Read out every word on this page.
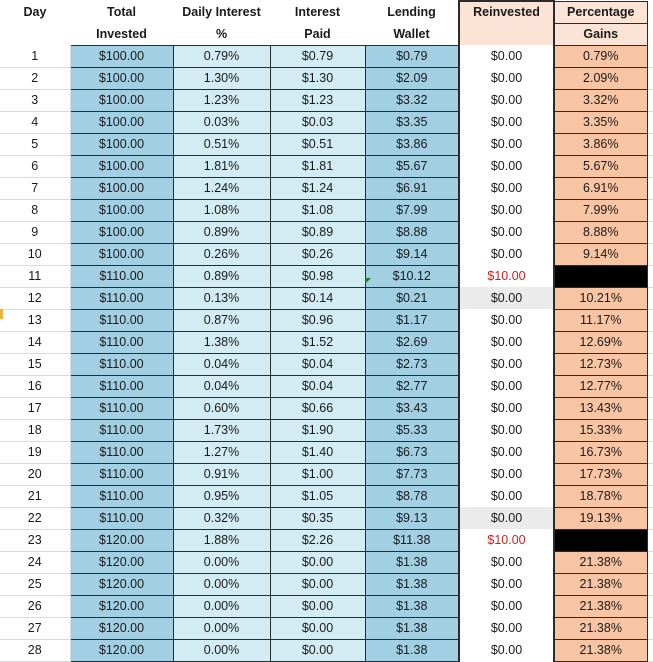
Day	Total	Daily Interest	Interest	Lending	Reinvested	Percentage	
	Invested	%	Paid	Wallet		Gains	
1	$100.00	0.79%	$0.79	$0.79	$0.00	0.79%	
2	$100.00	1.30%	$1.30	$2.09	$0.00	2.09%	
3	$100.00	1.23%	$1.23	$3.32	$0.00	3.32%	
4	$100.00	0.03%	$0.03	$3.35	$0.00	3.35%	
5	$100.00	0.51%	$0.51	$3.86	$0.00	3.86%	
6	$100.00	1.81%	$1.81	$5.67	$0.00	5.67%	
7	$100.00	1.24%	$1.24	$6.91	$0.00	6.91%	
8	$100.00	1.08%	$1.08	$7.99	$0.00	7.99%	
9	$100.00	0.89%	$0.89	$8.88	$0.00	8.88%	
10	$100.00	0.26%	$0.26	$9.14	$0.00	9.14%	
11	$110.00	0.89%	$0.98	$10.12	$10.00		
12	$110.00	0.13%	$0.14	$0.21	$0.00	10.21%	
13	$110.00	0.87%	$0.96	$1.17	$0.00	11.17%	
14	$110.00	1.38%	$1.52	$2.69	$0.00	12.69%	
15	$110.00	0.04%	$0.04	$2.73	$0.00	12.73%	
16	$110.00	0.04%	$0.04	$2.77	$0.00	12.77%	
17	$110.00	0.60%	$0.66	$3.43	$0.00	13.43%	
18	$110.00	1.73%	$1.90	$5.33	$0.00	15.33%	
19	$110.00	1.27%	$1.40	$6.73	$0.00	16.73%	
20	$110.00	0.91%	$1.00	$7.73	$0.00	17.73%	
21	$110.00	0.95%	$1.05	$8.78	$0.00	18.78%	
22	$110.00	0.32%	$0.35	$9.13	$0.00	19.13%	
23	$120.00	1.88%	$2.26	$11.38	$10.00		
24	$120.00	0.00%	$0.00	$1.38	$0.00	21.38%	
25	$120.00	0.00%	$0.00	$1.38	$0.00	21.38%	
26	$120.00	0.00%	$0.00	$1.38	$0.00	21.38%	
27	$120.00	0.00%	$0.00	$1.38	$0.00	21.38%	
28	$120.00	0.00%	$0.00	$1.38	$0.00	21.38%	
